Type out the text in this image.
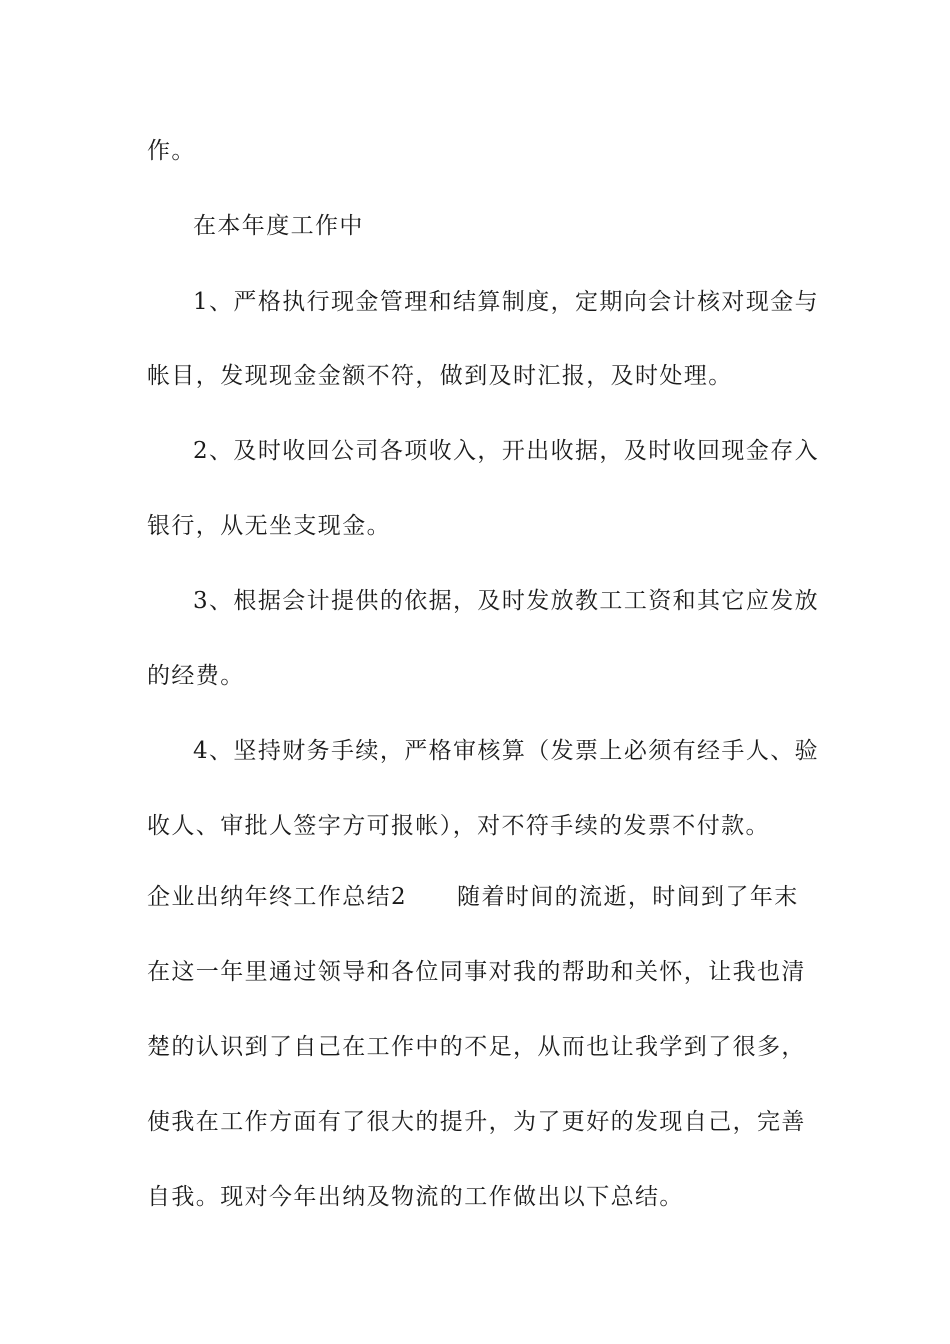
作。
在本年度工作中
1、严格执行现金管理和结算制度，定期向会计核对现金与
帐目，发现现金金额不符，做到及时汇报，及时处理。
2、及时收回公司各项收入，开出收据，及时收回现金存入
银行，从无坐支现金。
3、根据会计提供的依据，及时发放教工工资和其它应发放
的经费。
4、坚持财务手续，严格审核算（发票上必须有经手人、验
收人、审批人签字方可报帐），对不符手续的发票不付款。
企业出纳年终工作总结2 随着时间的流逝，时间到了年末
在这一年里通过领导和各位同事对我的帮助和关怀，让我也清
楚的认识到了自己在工作中的不足，从而也让我学到了很多，
使我在工作方面有了很大的提升，为了更好的发现自己，完善
自我。现对今年出纳及物流的工作做出以下总结。
